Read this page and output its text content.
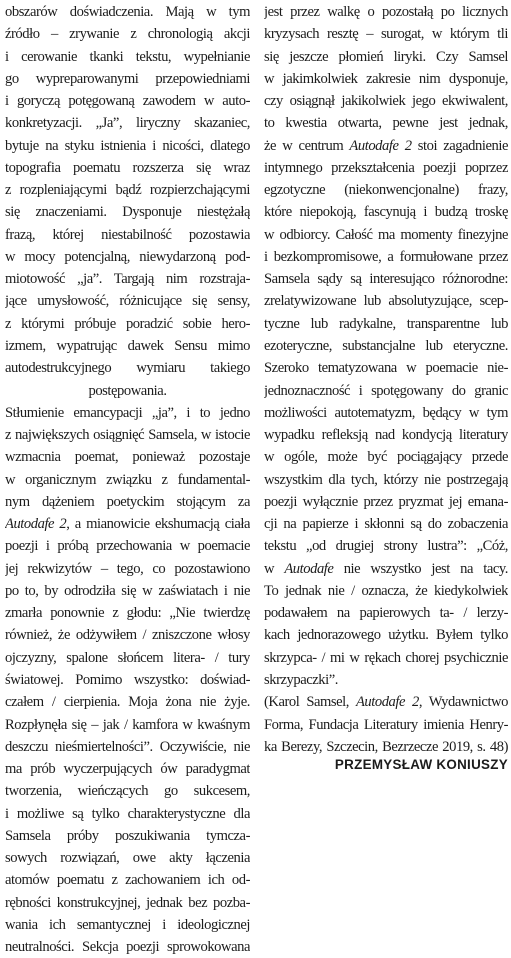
obszarów doświadczenia. Mają w tym
źródło – zrywanie z chronologią akcji
i cerowanie tkanki tekstu, wypełnianie
go wypreparowanymi przepowiedniami
i goryczą potęgowaną zawodem w auto-
konkretyzacji. „Ja”, liryczny skazaniec,
bytuje na styku istnienia i nicości, dlatego
topografia poematu rozszerza się wraz
z rozpleniającymi bądź rozpierzchającymi
się znaczeniami. Dysponuje niestężałą
frazą, której niestabilność pozostawia
w mocy potencjalną, niewydarzoną pod-
miotowość „ja”. Targają nim rozstraja-
jące umysłowość, różnicujące się sensy,
z którymi próbuje poradzić sobie hero-
izmem, wypatrując dawek Sensu mimo
autodestrukcyjnego wymiaru takiego
postępowania.
Stłumienie emancypacji „ja”, i to jedno
z największych osiągnięć Samsela, w istocie
wzmacnia poemat, ponieważ pozostaje
w organicznym związku z fundamental-
nym dążeniem poetyckim stojącym za
Autodafe 2, a mianowicie ekshumacją ciała
poezji i próbą przechowania w poemacie
jej rekwizytów – tego, co pozostawiono
po to, by odrodziła się w zaświatach i nie
zmarła ponownie z głodu: „Nie twierdzę
również, że odżywiłem / zniszczone włosy
ojczyzny, spalone słońcem litera- / tury
światowej. Pomimo wszystko: doświad-
czałem / cierpienia. Moja żona nie żyje.
Rozpłynęła się – jak / kamfora w kwaśnym
deszczu nieśmiertelności”. Oczywiście, nie
ma prób wyczerpujących ów paradygmat
tworzenia, wieńczących go sukcesem,
i możliwe są tylko charakterystyczne dla
Samsela próby poszukiwania tymcza-
sowych rozwiązań, owe akty łączenia
atomów poematu z zachowaniem ich od-
rębności konstrukcyjnej, jednak bez pozba-
wania ich semantycznej i ideologicznej
neutralności. Sekcja poezji sprowokowana
jest przez walkę o pozostałą po licznych
kryzysach resztę – surogat, w którym tli
się jeszcze płomień liryki. Czy Samsel
w jakimkolwiek zakresie nim dysponuje,
czy osiągnął jakikolwiek jego ekwiwalent,
to kwestia otwarta, pewne jest jednak,
że w centrum Autodafe 2 stoi zagadnienie
intymnego przekształcenia poezji poprzez
egzotyczne (niekonwencjonalne) frazy,
które niepokoją, fascynują i budzą troskę
w odbiorcy. Całość ma momenty finezyjne
i bezkompromisowe, a formułowane przez
Samsela sądy są interesująco różnorodne:
zrelatywizowane lub absolutyzujące, scep-
tyczne lub radykalne, transparentne lub
ezoteryczne, substancjalne lub eteryczne.
Szeroko tematyzowana w poemacie nie-
jednoznaczność i spotęgowany do granic
możliwości autotematyzm, będący w tym
wypadku refleksją nad kondycją literatury
w ogóle, może być pociągający przede
wszystkim dla tych, którzy nie postrzegają
poezji wyłącznie przez pryzmat jej emana-
cji na papierze i skłonni są do zobaczenia
tekstu „od drugiej strony lustra”: „Cóż,
w Autodafe nie wszystko jest na tacy.
To jednak nie / oznacza, że kiedykolwiek
podawałem na papierowych ta- / lerzy-
kach jednorazowego użytku. Byłem tylko
skrzypca- / mi w rękach chorej psychicznie
skrzypaczki”.
(Karol Samsel, Autodafe 2, Wydawnictwo
Forma, Fundacja Literatury imienia Henry-
ka Berezy, Szczecin, Bezrzecze 2019, s. 48)
PRZEMYSŁAW KONIUSZY
